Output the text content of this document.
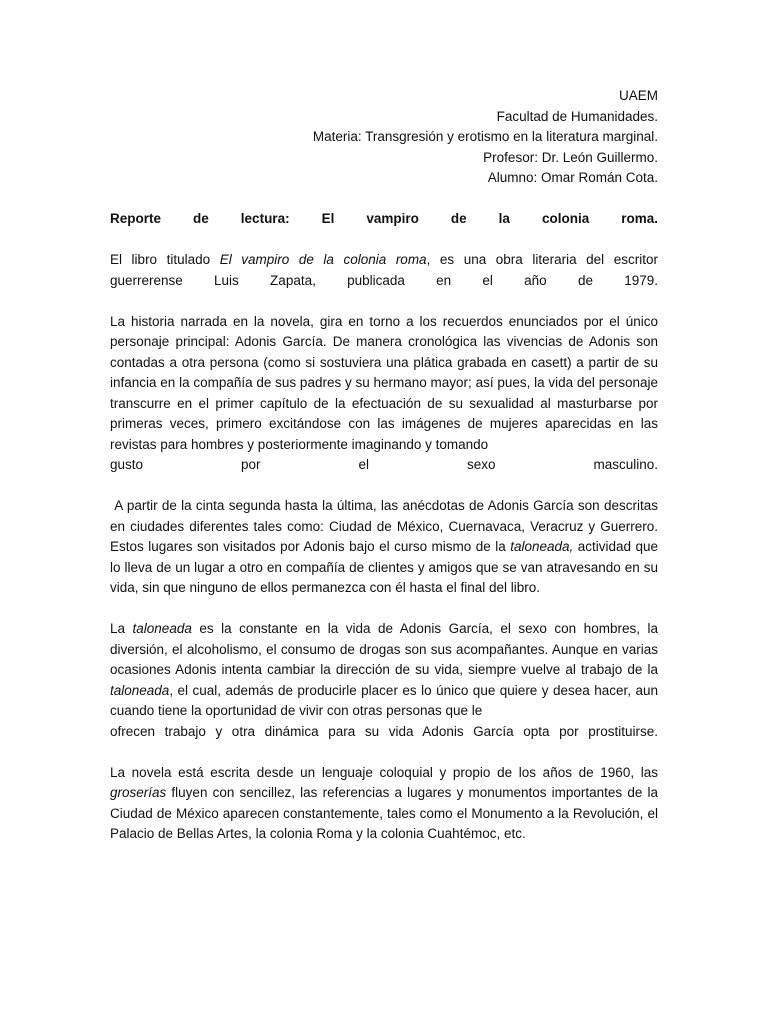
UAEM
Facultad de Humanidades.
Materia: Transgresión y erotismo en la literatura marginal.
Profesor: Dr. León Guillermo.
Alumno: Omar Román Cota.

Reporte de lectura: El vampiro de la colonia roma.

El libro titulado El vampiro de la colonia roma, es una obra literaria del escritor

guerrerense Luis Zapata, publicada en el año de 1979.

La historia narrada en la novela, gira en torno a los recuerdos enunciados por el único personaje principal: Adonis García. De manera cronológica las vivencias de Adonis son contadas a otra persona (como si sostuviera una plática grabada en casett) a partir de su infancia en la compañía de sus padres y su hermano mayor; así pues, la vida del personaje transcurre en el primer capítulo de la efectuación de su sexualidad al masturbarse por primeras veces, primero excitándose con las imágenes de mujeres aparecidas en las revistas para hombres y posteriormente imaginando y tomando

gusto por el sexo masculino.

A partir de la cinta segunda hasta la última, las anécdotas de Adonis García son descritas en ciudades diferentes tales como: Ciudad de México, Cuernavaca, Veracruz y Guerrero. Estos lugares son visitados por Adonis bajo el curso mismo de la taloneada, actividad que lo lleva de un lugar a otro en compañía de clientes y amigos que se van atravesando en su vida, sin que ninguno de ellos permanezca con él hasta el final del libro.

La taloneada es la constante en la vida de Adonis García, el sexo con hombres, la diversión, el alcoholismo, el consumo de drogas son sus acompañantes. Aunque en varias ocasiones Adonis intenta cambiar la dirección de su vida, siempre vuelve al trabajo de la taloneada, el cual, además de producirle placer es lo único que quiere y desea hacer, aun cuando tiene la oportunidad de vivir con otras personas que le

ofrecen trabajo y otra dinámica para su vida Adonis García opta por prostituirse.

La novela está escrita desde un lenguaje coloquial y propio de los años de 1960, las groserías fluyen con sencillez, las referencias a lugares y monumentos importantes de la Ciudad de México aparecen constantemente, tales como el Monumento a la Revolución, el Palacio de Bellas Artes, la colonia Roma y la colonia Cuahtémoc, etc.
